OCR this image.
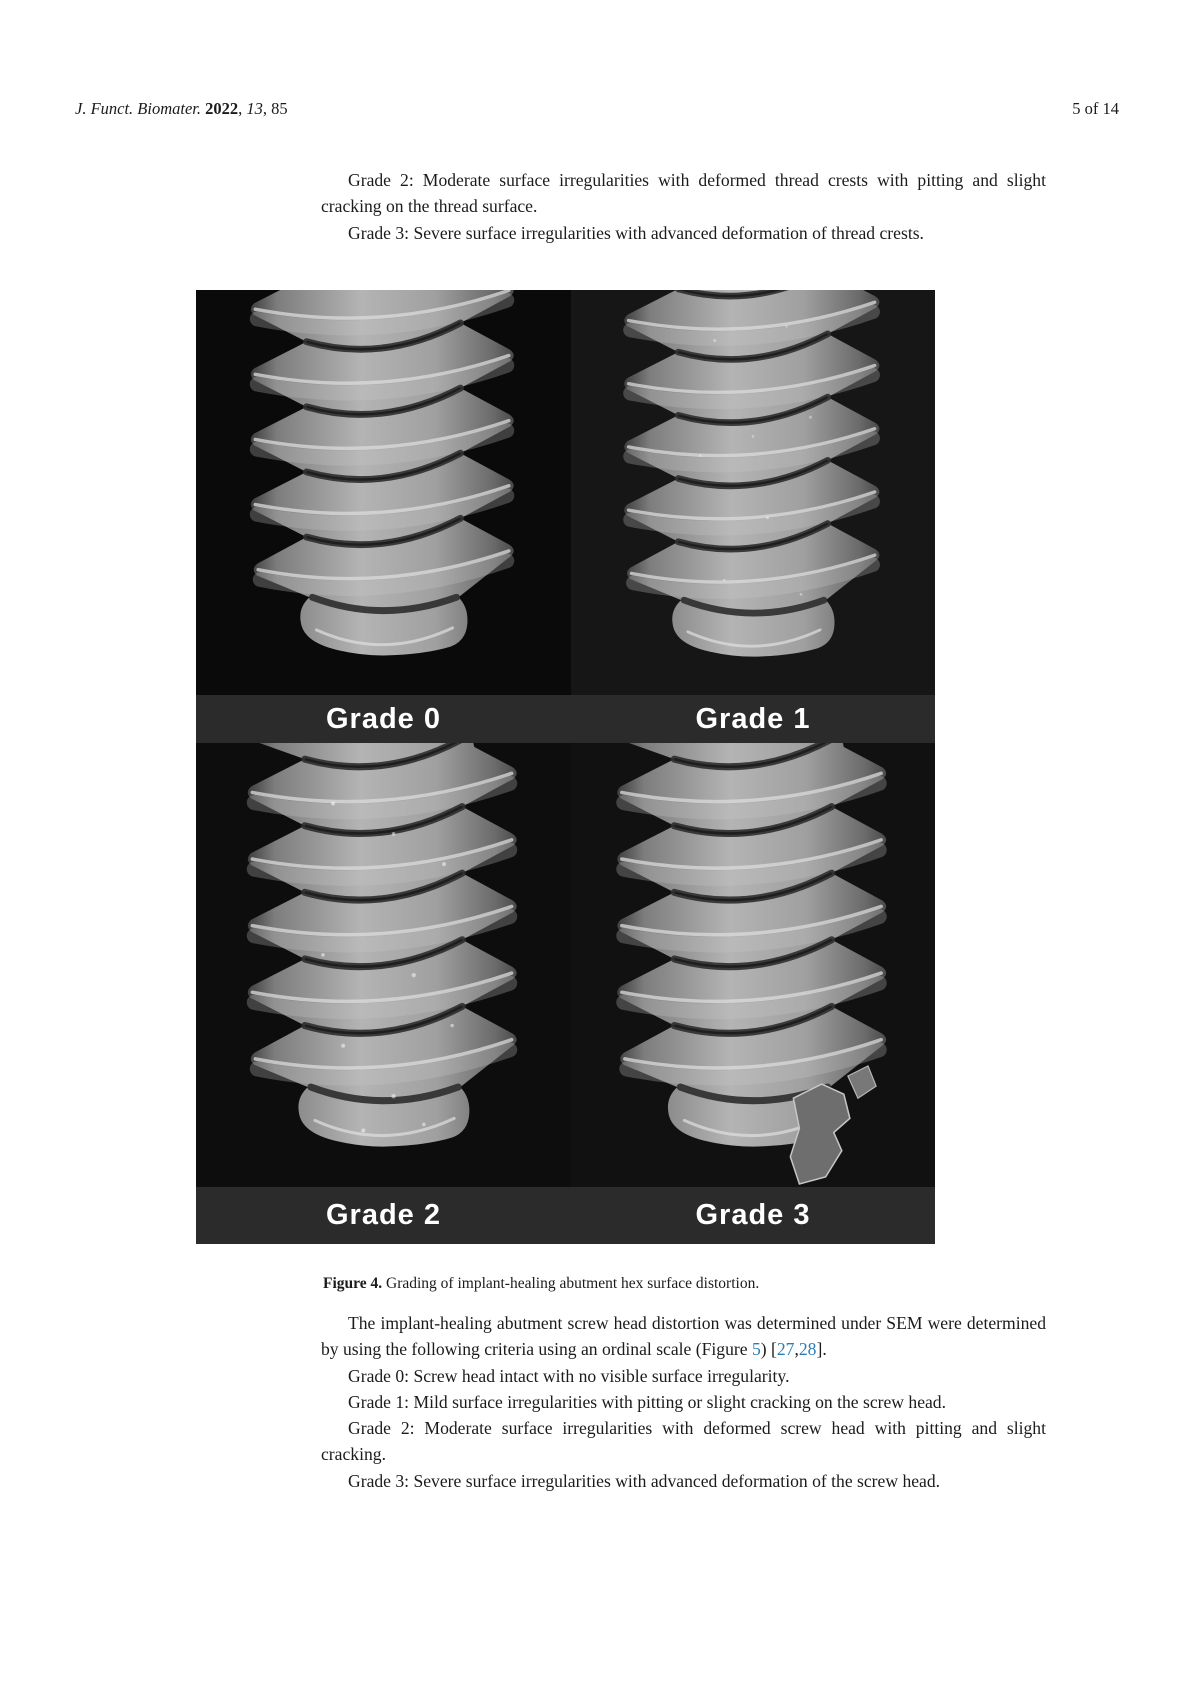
J. Funct. Biomater. 2022, 13, 85	5 of 14

Grade 2: Moderate surface irregularities with deformed thread crests with pitting and slight cracking on the thread surface.

Grade 3: Severe surface irregularities with advanced deformation of thread crests.

Grade 0	Grade 1
Grade 2	Grade 3
Figure 4. Grading of implant-healing abutment hex surface distortion.

The implant-healing abutment screw head distortion was determined under SEM were determined by using the following criteria using an ordinal scale (Figure 5) [27,28].

Grade 0: Screw head intact with no visible surface irregularity.

Grade 1: Mild surface irregularities with pitting or slight cracking on the screw head.

Grade 2: Moderate surface irregularities with deformed screw head with pitting and slight cracking.

Grade 3: Severe surface irregularities with advanced deformation of the screw head.
